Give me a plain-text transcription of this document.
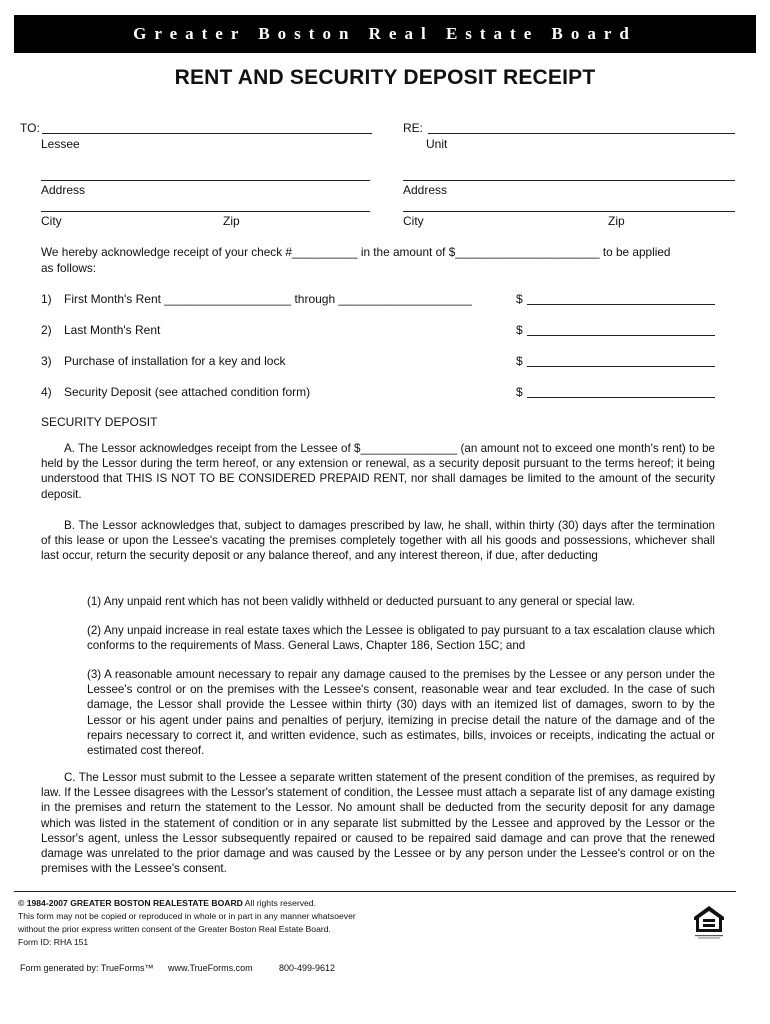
Greater Boston Real Estate Board
RENT AND SECURITY DEPOSIT RECEIPT
TO:
Lessee
RE:
Unit
Address	Address
City	Zip	City	Zip
We hereby acknowledge receipt of your check #__________ in the amount of $______________________ to be applied
as follows:
1) First Month's Rent ___________________ through ____________________	$
2) Last Month's Rent	$
3) Purchase of installation for a key and lock	$
4) Security Deposit (see attached condition form)	$
SECURITY DEPOSIT

A. The Lessor acknowledges receipt from the Lessee of $_______________ (an amount not to exceed one month's rent) to be held by the Lessor during the term hereof, or any extension or renewal, as a security deposit pursuant to the terms hereof; it being understood that THIS IS NOT TO BE CONSIDERED PREPAID RENT, nor shall damages be limited to the amount of the security deposit.

B. The Lessor acknowledges that, subject to damages prescribed by law, he shall, within thirty (30) days after the termination of this lease or upon the Lessee's vacating the premises completely together with all his goods and possessions, whichever shall last occur, return the security deposit or any balance thereof, and any interest thereon, if due, after deducting

(1) Any unpaid rent which has not been validly withheld or deducted pursuant to any general or special law.

(2) Any unpaid increase in real estate taxes which the Lessee is obligated to pay pursuant to a tax escalation clause which conforms to the requirements of Mass. General Laws, Chapter 186, Section 15C; and

(3) A reasonable amount necessary to repair any damage caused to the premises by the Lessee or any person under the Lessee's control or on the premises with the Lessee's consent, reasonable wear and tear excluded. In the case of such damage, the Lessor shall provide the Lessee within thirty (30) days with an itemized list of damages, sworn to by the Lessor or his agent under pains and penalties of perjury, itemizing in precise detail the nature of the damage and of the repairs necessary to correct it, and written evidence, such as estimates, bills, invoices or receipts, indicating the actual or estimated cost thereof.

C. The Lessor must submit to the Lessee a separate written statement of the present condition of the premises, as required by law. If the Lessee disagrees with the Lessor's statement of condition, the Lessee must attach a separate list of any damage existing in the premises and return the statement to the Lessor. No amount shall be deducted from the security deposit for any damage which was listed in the statement of condition or in any separate list submitted by the Lessee and approved by the Lessor or the Lessor's agent, unless the Lessor subsequently repaired or caused to be repaired said damage and can prove that the renewed damage was unrelated to the prior damage and was caused by the Lessee or by any person under the Lessee's control or on the premises with the Lessee's consent.

© 1984-2007 GREATER BOSTON REALESTATE BOARD All rights reserved.
This form may not be copied or reproduced in whole or in part in any manner whatsoever
without the prior express written consent of the Greater Boston Real Estate Board.
Form ID: RHA 151
Form generated by: TrueForms™ www.TrueForms.com	800-499-9612
